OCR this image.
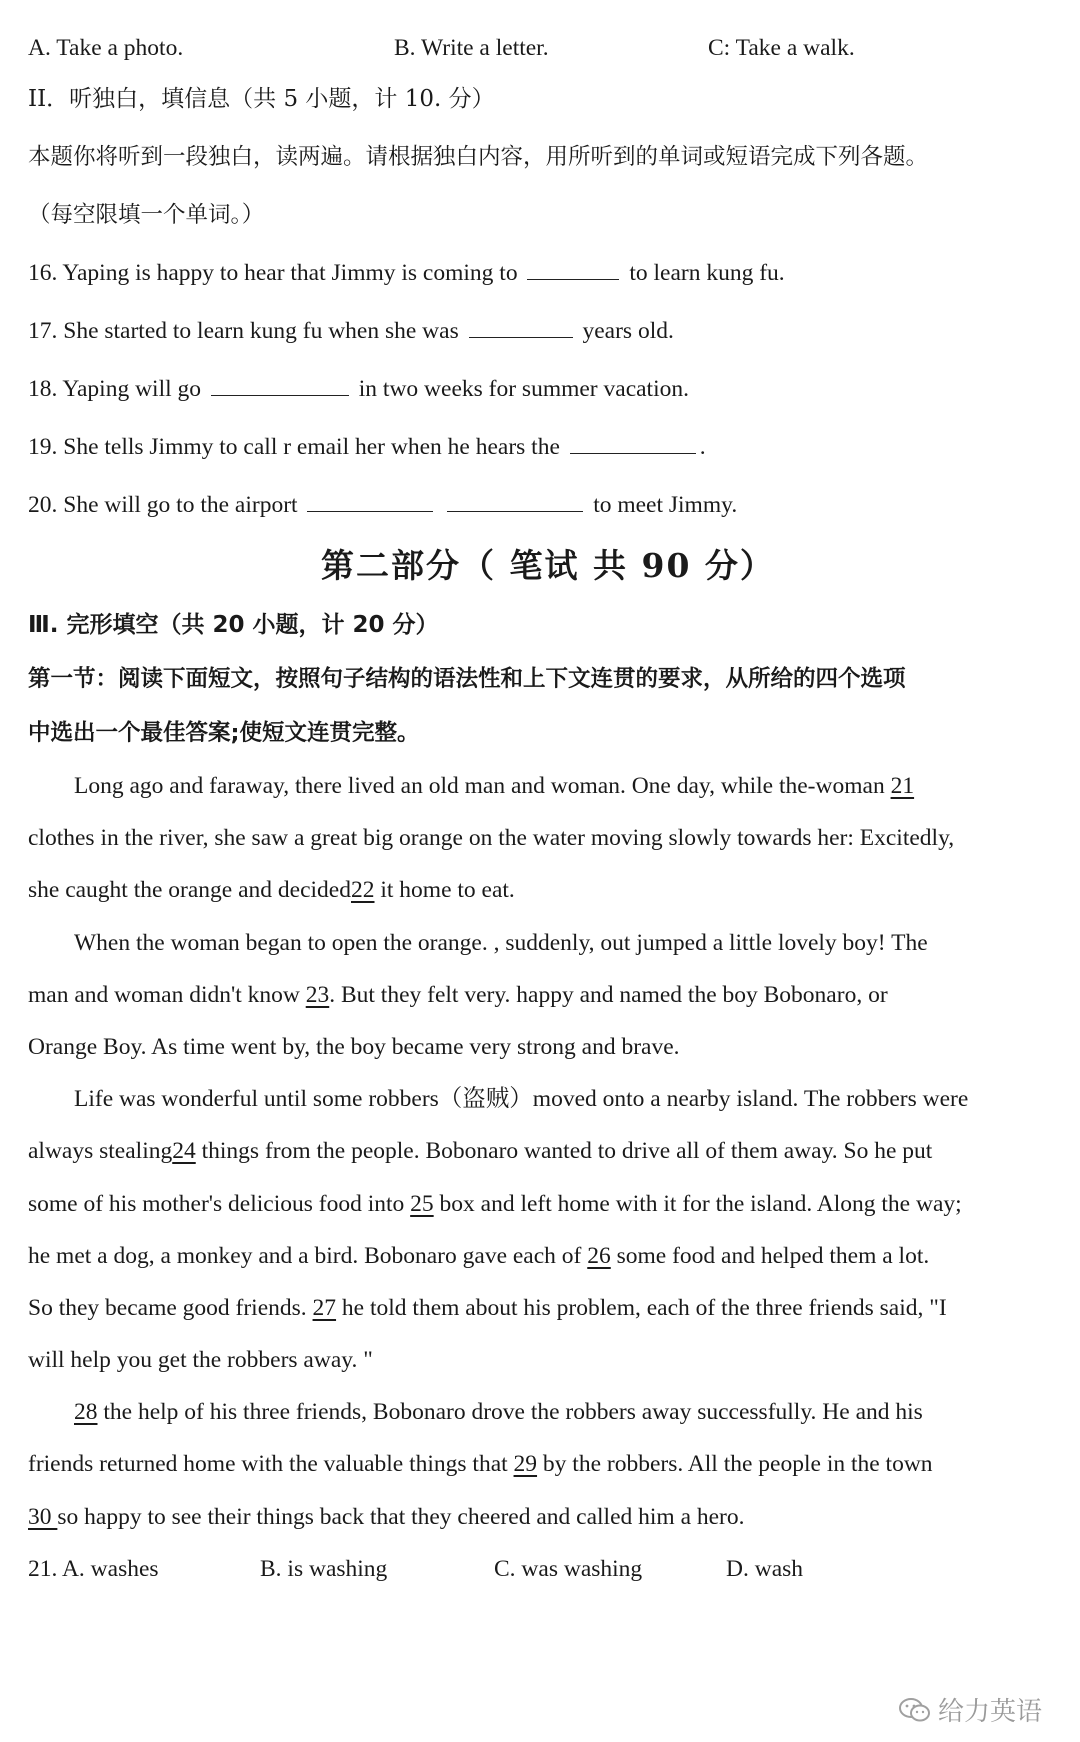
A. Take a photo.	B. Write a letter.	C: Take a walk.
II．听独白，填信息（共 5 小题，计 10. 分）
本题你将听到一段独白，读两遍。请根据独白内容，用所听到的单词或短语完成下列各题。
（每空限填一个单词。）
16. Yaping is happy to hear that Jimmy is coming to	to learn kung fu.
17. She started to learn kung fu when she was	years old.
18. Yaping will go	in two weeks for summer vacation.
19. She tells Jimmy to call r email her when he hears the	.
20. She will go to the airport	to meet Jimmy.
第二部分（ 笔试 共 90 分）
Ⅲ. 完形填空（共 20 小题，计 20 分）
第一节：阅读下面短文，按照句子结构的语法性和上下文连贯的要求，从所给的四个选项
中选出一个最佳答案;使短文连贯完整。
Long ago and faraway, there lived an old man and woman. One day, while the-woman 21
clothes in the river, she saw a great big orange on the water moving slowly towards her: Excitedly,
she caught the orange and decided22 it home to eat.
When the woman began to open the orange. , suddenly, out jumped a little lovely boy! The
man and woman didn't know 23. But they felt very. happy and named the boy Bobonaro, or
Orange Boy. As time went by, the boy became very strong and brave.
Life was wonderful until some robbers（盗贼）moved onto a nearby island. The robbers were
always stealing24 things from the people. Bobonaro wanted to drive all of them away. So he put
some of his mother's delicious food into 25 box and left home with it for the island. Along the way;
he met a dog, a monkey and a bird. Bobonaro gave each of 26 some food and helped them a lot.
So they became good friends. 27 he told them about his problem, each of the three friends said, "I
will help you get the robbers away. "
28 the help of his three friends, Bobonaro drove the robbers away successfully. He and his
friends returned home with the valuable things that 29 by the robbers. All the people in the town
30 so happy to see their things back that they cheered and called him a hero.
21. A. washes	B. is washing	C. was washing	D. wash
给力英语
